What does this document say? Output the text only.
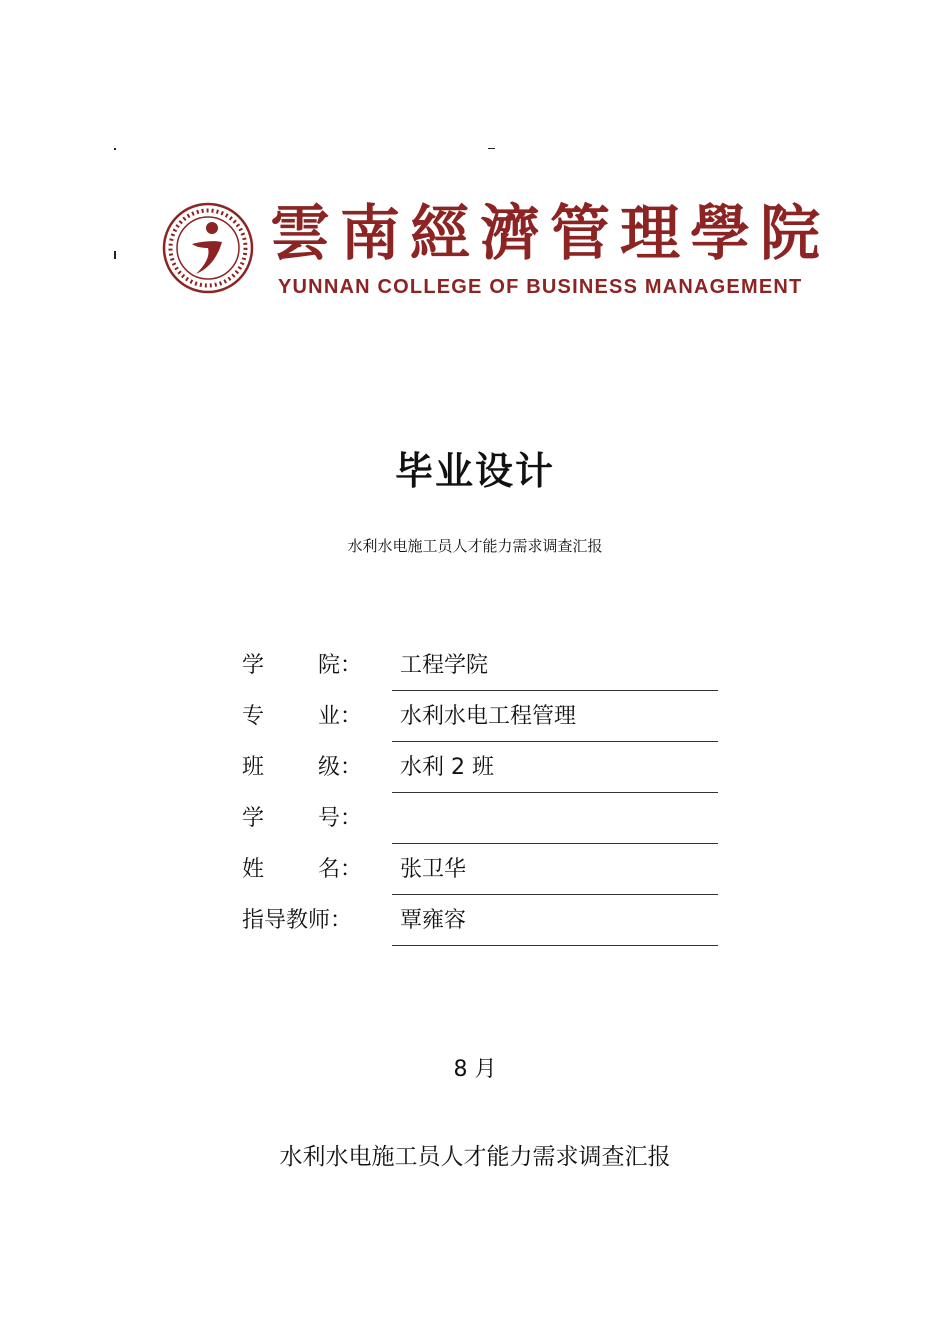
雲南經濟管理學院
YUNNAN COLLEGE OF BUSINESS MANAGEMENT
毕业设计
水利水电施工员人才能力需求调查汇报
学 院： 工程学院
专 业： 水利水电工程管理
班 级： 水利 2 班
学 号：
姓 名： 张卫华
指导教师： 覃雍容
8 月
水利水电施工员人才能力需求调查汇报
